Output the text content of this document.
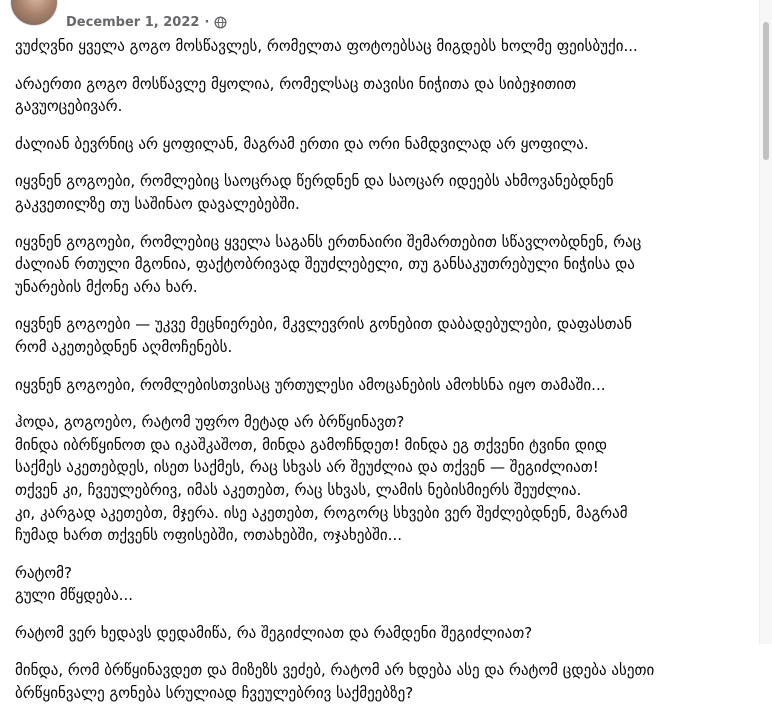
December 1, 2022 ·

ვუძღვნი ყველა გოგო მოსწავლეს, რომელთა ფოტოებსაც მიგდებს ხოლმე ფეისბუქი...

არაერთი გოგო მოსწავლე მყოლია, რომელსაც თავისი ნიჭითა და სიბეჯითით
გავუოცებივარ.

ძალიან ბევრნიც არ ყოფილან, მაგრამ ერთი და ორი ნამდვილად არ ყოფილა.

იყვნენ გოგოები, რომლებიც საოცრად წერდნენ და საოცარ იდეებს ახმოვანებდნენ
გაკვეთილზე თუ საშინაო დავალებებში.

იყვნენ გოგოები, რომლებიც ყველა საგანს ერთნაირი შემართებით სწავლობდნენ, რაც
ძალიან რთული მგონია, ფაქტობრივად შეუძლებელი, თუ განსაკუთრებული ნიჭისა და
უნარების მქონე არა ხარ.

იყვნენ გოგოები — უკვე მეცნიერები, მკვლევრის გონებით დაბადებულები, დაფასთან
რომ აკეთებდნენ აღმოჩენებს.

იყვნენ გოგოები, რომლებისთვისაც ურთულესი ამოცანების ამოხსნა იყო თამაში...

ჰოდა, გოგოებო, რატომ უფრო მეტად არ ბრწყინავთ?
მინდა იბრწყინოთ და იკაშკაშოთ, მინდა გამოჩნდეთ! მინდა ეგ თქვენი ტვინი დიდ
საქმეს აკეთებდეს, ისეთ საქმეს, რაც სხვას არ შეუძლია და თქვენ — შეგიძლიათ!
თქვენ კი, ჩვეულებრივ, იმას აკეთებთ, რაც სხვას, ლამის ნებისმიერს შეუძლია.
კი, კარგად აკეთებთ, მჯერა. ისე აკეთებთ, როგორც სხვები ვერ შეძლებდნენ, მაგრამ
ჩუმად ხართ თქვენს ოფისებში, ოთახებში, ოჯახებში...

რატომ?
გული მწყდება...

რატომ ვერ ხედავს დედამიწა, რა შეგიძლიათ და რამდენი შეგიძლიათ?

მინდა, რომ ბრწყინავდეთ და მიზეზს ვეძებ, რატომ არ ხდება ასე და რატომ ცდება ასეთი
ბრწყინვალე გონება სრულიად ჩვეულებრივ საქმეებზე?
